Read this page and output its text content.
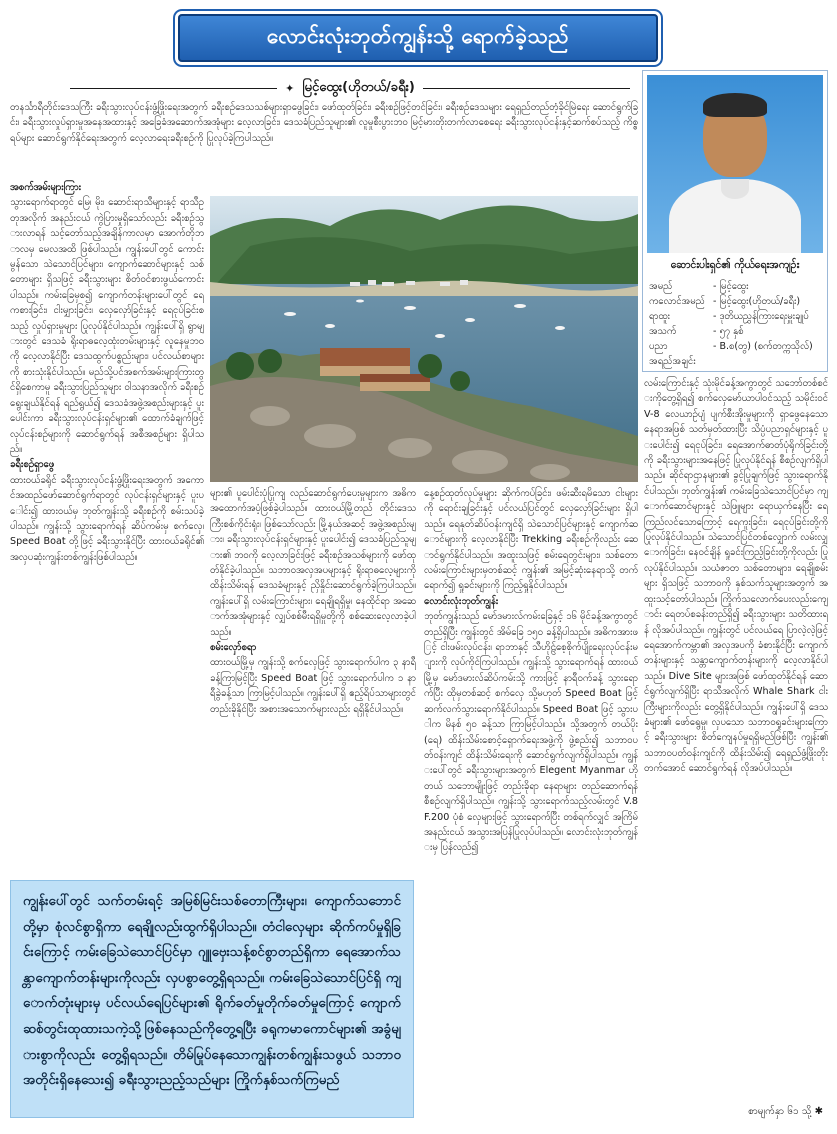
လောင်းလုံးဘုတ်ကျွန်းသို့ ရောက်ခဲ့သည်
✦ မြင့်ထွေး(ဟိုတယ်/ခရီး)
ဆောင်းပါးရှင်၏ ကိုယ်ရေးအကျဉ်း
အမည်	- မြင့်ထွေး
ကလောင်အမည် - မြင့်ထွေး(ဟိုတယ်/ခရီး)
ရာထူး	- ဒုတိယညွှန်ကြားရေးမှူးချုပ်
အသက်	- ၅၇ နှစ်
ပညာအရည်အချင်း
- B.စ(တွ) (စက်တက္ကသိုလ်)
တနင်္သာရီတိုင်းဒေသကြီး ခရီးသွားလုပ်ငန်းဖွံ့ဖြိုးရေးအတွက် ခရီးစဉ်ဒေသသစ်များရှာဖွေခြင်း၊ ဖော်ထုတ်ခြင်း၊ ခရီးစဉ်ဖြင့်တင်ခြင်း၊ ခရီးစဉ်ဒေသများ ရေရှည်တည်တံ့ခိုင်မြဲရေး ဆောင်ရွက်ခြင်း၊ ခရီးသွားလှုပ်ရှားမှုအနေအထားနှင့် အခြေခံအဆောက်အအုံများ လေ့လာခြင်း၊ ဒေသခံပြည်သူများ၏ လူမှုစီးပွားဘဝ မြင့်မားတိုးတက်လာစေရေး ခရီးသွားလုပ်ငန်းနှင့်ဆက်စပ်သည့် ကိစ္စရပ်များ ဆောင်ရွက်နိုင်ရေးအတွက် လေ့လာရေးခရီးစဉ်ကို ပြုလုပ်ခဲ့ကြပါသည်။
အစက်အမ်းများကြား
သွားရောက်ရာတွင် မြေ၊ မိုး၊ ဆောင်းရာသီများနှင့် ရာသီဥတုအလိုက် အနည်းငယ် ကွဲပြားမှုရှိသော်လည်း ခရီးစဉ်သွားလာရန် သင့်တော်သည့်အချိန်ကာလမှာ အောက်တိုဘာလမှ မေလအထိ ဖြစ်ပါသည်။ ကျွန်းပေါ်တွင် ကောင်းမွန်သော သဲသောင်ပြင်များ၊ ကျောက်ဆောင်များနှင့် သစ်တောများ ရှိသဖြင့် ခရီးသွားများ စိတ်ဝင်စားဖွယ်ကောင်းပါသည်။ ကမ်းခြေမှစ၍ ကျောက်တန်းများပေါ်တွင် ရေကစားခြင်း၊ ငါးမျှားခြင်း၊ လှေလှော်ခြင်းနှင့် ရေငုပ်ခြင်းစသည့် လှုပ်ရှားမှုများ ပြုလုပ်နိုင်ပါသည်။ ကျွန်းပေါ်ရှိ ရွာများတွင် ဒေသခံ ရိုးရာဓလေ့ထုံးတမ်းများနှင့် လူနေမှုဘဝကို လေ့လာနိုင်ပြီး ဒေသထွက်ပစ္စည်းများ၊ ပင်လယ်စာများကို စားသုံးနိုင်ပါသည်။ မည်သို့ပင်အစက်အမ်းများကြားတွင်ရှိစေကာမူ ခရီးသွားပြည်သူများ ဝါသနာအလိုက် ခရီးစဉ်ရွေးချယ်နိုင်ရန် ရည်ရွယ်၍ ဒေသခံအဖွဲ့အစည်းများနှင့် ပူးပေါင်းကာ ခရီးသွားလုပ်ငန်းရှင်များ၏ ထောက်ခံချက်ဖြင့် လုပ်ငန်းစဉ်များကို ဆောင်ရွက်ရန် အစီအစဉ်များ ရှိပါသည်။
ခရီးစဉ်ရှာဖွေ
ထားဝယ်ခရိုင် ခရီးသွားလုပ်ငန်းဖွံ့ဖြိုးရေးအတွက် အကောင်အထည်ဖော်ဆောင်ရွက်ရာတွင် လုပ်ငန်းရှင်များနှင့် ပူးပေါင်း၍ ထားဝယ်မှ ဘုတ်ကျွန်းသို့ ခရီးစဉ်ကို စမ်းသပ်ခဲ့ပါသည်။ ကျွန်းသို့ သွားရောက်ရန် ဆိပ်ကမ်းမှ စက်လှေ၊ Speed Boat တို့ဖြင့် ခရီးသွားနိုင်ပြီး ထားဝယ်ခရိုင်၏ အလှပဆုံးကျွန်းတစ်ကျွန်းဖြစ်ပါသည်။
များ၏ ပူပေါင်းပုံပြုကျ လည်ဆောင်ရွက်ပေးမှုများက အဓိကအထောက်အပံ့ဖြစ်ခဲ့ပါသည်။ ထားဝယ်မြို့တည် တိုင်းဒေသကြီးစစ်ကိုင်းရုံး၊ ဖြစ်သော်လည်း မြို့နယ်အဆင့် အဖွဲ့အစည်းများ၊ ခရီးသွားလုပ်ငန်းရှင်များနှင့် ပူးပေါင်း၍ ဒေသခံပြည်သူများ၏ ဘဝကို လေ့လာခြင်းဖြင့် ခရီးစဉ်အသစ်များကို ဖော်ထုတ်နိုင်ခဲ့ပါသည်။ သဘာဝအလှအပများနှင့် ရိုးရာဓလေ့များကို ထိန်းသိမ်းရန် ဒေသခံများနှင့် ညှိနှိုင်းဆောင်ရွက်ခဲ့ကြပါသည်။ ကျွန်းပေါ်ရှိ လမ်းကြောင်းများ၊ ရေချိုရရှိမှု၊ နေထိုင်ရာ အဆောက်အအုံများနှင့် လျှပ်စစ်မီးရရှိမှုတို့ကို စစ်ဆေးလေ့လာခဲ့ပါသည်။
စမ်းလှော်စရာ
ထားဝယ်မြို့မှ ကျွန်းသို့ စက်လှေဖြင့် သွားရောက်ပါက ၃ နာရီခန့်ကြာမြင့်ပြီး Speed Boat ဖြင့် သွားရောက်ပါက ၁ နာရီခွဲခန့်သာ ကြာမြင့်ပါသည်။ ကျွန်းပေါ်ရှိ ဧည့်ရိပ်သာများတွင် တည်းခိုနိုင်ပြီး အစားအသောက်များလည်း ရရှိနိုင်ပါသည်။
နေ့စဉ်ထုတ်လုပ်မှုများ ဆိုက်ကပ်ခြင်း၊ ဖမ်းဆီးရမိသော ငါးများကို ရောင်းချခြင်းနှင့် ပင်လယ်ပြင်တွင် လှေလှော်ခြင်းများ ရှိပါသည်။ ရေနုတ်ဆိပ်ဝန်းကျင်ရှိ သဲသောင်ပြင်များနှင့် ကျောက်ဆောင်များကို လေ့လာနိုင်ပြီး Trekking ခရီးစဉ်ကိုလည်း ဆောင်ရွက်နိုင်ပါသည်။ အထူးသဖြင့် စမ်းရေတွင်းများ၊ သစ်တောလမ်းကြောင်းများမှတစ်ဆင့် ကျွန်း၏ အမြင့်ဆုံးနေရာသို့ တက်ရောက်၍ ရှုခင်းများကို ကြည့်ရှုနိုင်ပါသည်။
လောင်းလုံးဘုတ်ကျွန်း
ဘုတ်ကျွန်းသည် မော်ဒမားလ်ကမ်းခြေနှင့် ၁၆ မိုင်ခန့်အကွာတွင် တည်ရှိပြီး ကျွန်းတွင် အိမ်ခြေ ၁၅၀ ခန့်ရှိပါသည်။ အဓိကအားဖြင့် ငါးဖမ်းလုပ်ငန်း၊ ရာဘာနှင့် သီဟိုဠ်စေ့စိုက်ပျိုးရေးလုပ်ငန်းများကို လုပ်ကိုင်ကြပါသည်။ ကျွန်းသို့ သွားရောက်ရန် ထားဝယ်မြို့မှ မော်ဒမားလ်ဆိပ်ကမ်းသို့ ကားဖြင့် နာရီဝက်ခန့် သွားရောက်ပြီး ထိုမှတစ်ဆင့် စက်လှေ သို့မဟုတ် Speed Boat ဖြင့် ဆက်လက်သွားရောက်နိုင်ပါသည်။ Speed Boat ဖြင့် သွားပါက မိနစ် ၅၀ ခန့်သာ ကြာမြင့်ပါသည်။ သို့အတွက် တယ်ပိုး(ရေ) ထိန်းသိမ်းစောင့်ရှောက်ရေးအဖွဲ့ကို ဖွဲ့စည်း၍ သဘာဝပတ်ဝန်းကျင် ထိန်းသိမ်းရေးကို ဆောင်ရွက်လျက်ရှိပါသည်။ ကျွန်းပေါ်တွင် ခရီးသွားများအတွက် Elegent Myanmar ဟိုတယ် သဘောမျိုးဖြင့် တည်းခိုရာ နေရာများ တည်ဆောက်ရန် စီစဉ်လျက်ရှိပါသည်။ ကျွန်းသို့ သွားရောက်သည့်လမ်းတွင် V.8F.200 ပုံစံ လှေများဖြင့် သွားရောက်ပြီး တစ်ရက်လျှင် အကြိမ်အနည်းငယ် အသွားအပြန်ပြုလုပ်ပါသည်။ လောင်းလုံးဘုတ်ကျွန်းမှ ပြန်လည်၍
လမ်းကြောင်းနှင့် သုံးမိုင်ခန့်အကွာတွင် သဘော်တစ်စင်းကိုတွေ့ရှိရ၍ စက်လှေမော်ယာပါဝင်သည့် သမိုင်းဝင် V-8 လေယာဉ်ပျံ ပျက်စီးအိုးမှုများကို ရှာဖွေနေသော နေရာအဖြစ် သတ်မှတ်ထားပြီး သိပ္ပံပညာရှင်များနှင့် ပူးပေါင်း၍ ရေငုပ်ခြင်း၊ ရေအောက်ဓာတ်ပုံရိုက်ခြင်းတို့ကို ခရီးသွားများအနေဖြင့် ပြုလုပ်နိုင်ရန် စီစဉ်လျက်ရှိပါသည်။ ဆိုင်ရာဌာနများ၏ ခွင့်ပြုချက်ဖြင့် သွားရောက်နိုင်ပါသည်။ ဘုတ်ကျွန်း၏ ကမ်းခြေသဲသောင်ပြင်မှာ ကျောက်ဆောင်များနှင့် သဲဖြူများ ရောယှက်နေပြီး ရေကြည်လင်သောကြောင့် ရေကူးခြင်း၊ ရေငုပ်ခြင်းတို့ကို ပြုလုပ်နိုင်ပါသည်။ သဲသောင်ပြင်တစ်လျှောက် လမ်းလျှောက်ခြင်း၊ နေဝင်ချိန် ရှုခင်းကြည့်ခြင်းတို့ကိုလည်း ပြုလုပ်နိုင်ပါသည်။ သယံဇာတ သစ်တောများ၊ ရေချိုစမ်းများ ရှိသဖြင့် သဘာဝကို နှစ်သက်သူများအတွက် အထူးသင့်တော်ပါသည်။ ကြိုက်သလောက်ပေးလည်းကျောင်း ရေတပ်စခန်းတည်ရှိ၍ ခရီးသွားများ သတိထားရန် လိုအပ်ပါသည်။ ကျွန်းတွင် ပင်လယ်ရေ ပြာလဲ့လဲ့ဖြင့် ရေအောက်ကမ္ဘာ၏ အလှအပကို ခံစားနိုင်ပြီး ကျောက်တန်းများနှင့် သန္တာကျောက်တန်းများကို လေ့လာနိုင်ပါသည်။ Dive Site များအဖြစ် ဖော်ထုတ်နိုင်ရန် ဆောင်ရွက်လျက်ရှိပြီး ရာသီအလိုက် Whale Shark ငါးကြီးများကိုလည်း တွေ့ရှိနိုင်ပါသည်။ ကျွန်းပေါ်ရှိ ဒေသခံများ၏ ဖော်ရွေမှု၊ လှပသော သဘာဝရှုခင်းများကြောင့် ခရီးသွားများ စိတ်ကျေနပ်မှုရရှိမည်ဖြစ်ပြီး ကျွန်း၏ သဘာဝပတ်ဝန်းကျင်ကို ထိန်းသိမ်း၍ ရေရှည်ဖွံ့ဖြိုးတိုးတက်အောင် ဆောင်ရွက်ရန် လိုအပ်ပါသည်။
ကျွန်းပေါ်တွင် သက်တမ်းရင့် အမြစ်မြင်းသစ်တောကြီးများ၊ ကျောက်သဘောင်တို့မှာ စုံလင်စွာရှိကာ ရေချိုလည်းထွက်ရှိပါသည်။ တံငါလှေများ ဆိုက်ကပ်မှုရှိခြင်းကြောင့် ကမ်းခြေသဲသောင်ပြင်မှာ ဂျူဗှေးသန့်စင်စွာတည်ရှိကာ ရေအောက်သန္တာကျောက်တန်းများကိုလည်း လှပစွာတွေ့ရှိရသည်။ ကမ်းခြေသဲသောင်ပြင်ရှိ ကျောက်တုံးများမှ ပင်လယ်ရေပြင်များ၏ ရိုက်ခတ်မှုတိုက်ခတ်မှုကြောင့် ကျောက်ဆစ်တွင်းထုထားသကဲ့သို့ဖြစ်နေသည်ကိုတွေ့ရပြီး ခရုကမာကောင်များ၏ အခွံများစွာကိုလည်း တွေ့ရှိရသည်။ တိမ်မြုပ်နေသောကျွန်းတစ်ကျွန်းသဖွယ် သဘာဝအတိုင်းရှိနေသေး၍ ခရီးသွားညည့်သည်များ ကြိုက်နှစ်သက်ကြမည်
စာမျက်နှာ ၆၁ သို့ ✱
